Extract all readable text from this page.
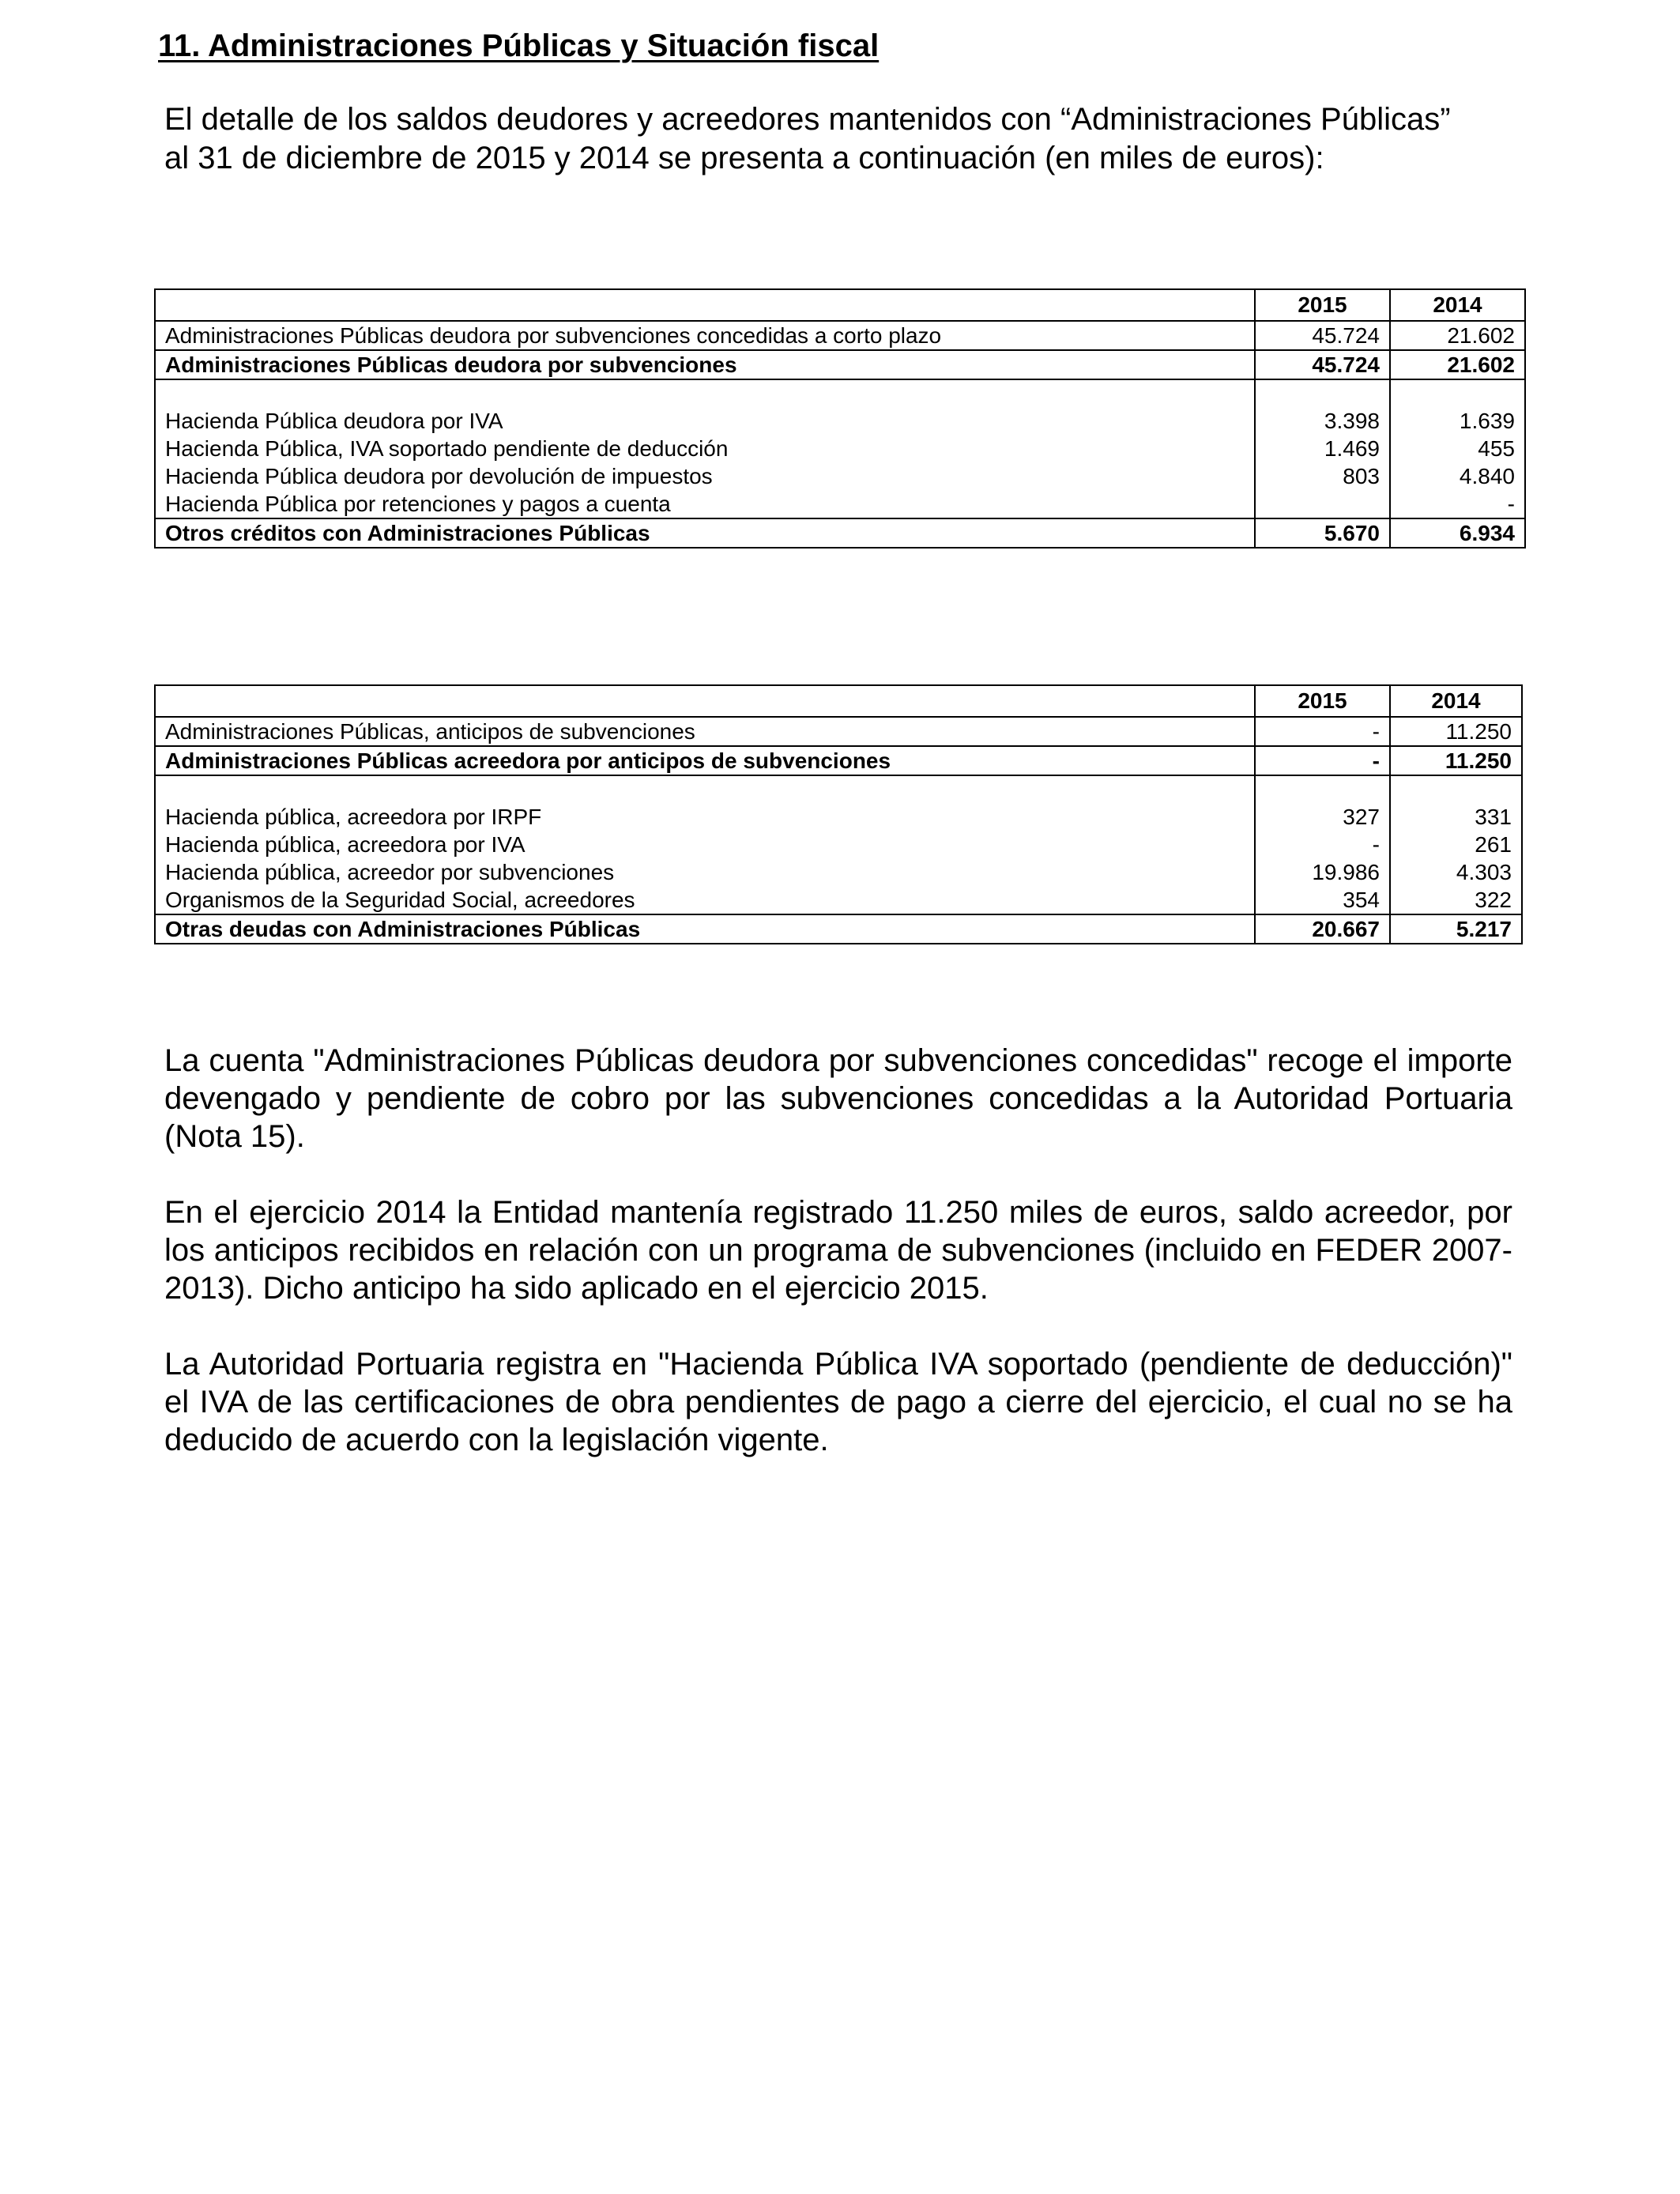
11. Administraciones Públicas y Situación fiscal
El detalle de los saldos deudores y acreedores mantenidos con “Administraciones Públicas”
al 31 de diciembre de 2015 y 2014 se presenta a continuación (en miles de euros):
	2015	2014
Administraciones Públicas deudora por subvenciones concedidas a corto plazo	45.724	21.602
Administraciones Públicas deudora por subvenciones	45.724	21.602

Hacienda Pública deudora por IVA	3.398	1.639
Hacienda Pública, IVA soportado pendiente de deducción	1.469	455
Hacienda Pública deudora por devolución de impuestos	803	4.840
Hacienda Pública por retenciones y pagos a cuenta		-
Otros créditos con Administraciones Públicas	5.670	6.934
	2015	2014
Administraciones Públicas, anticipos de subvenciones	-	11.250
Administraciones Públicas acreedora por anticipos de subvenciones	-	11.250

Hacienda pública, acreedora por IRPF	327	331
Hacienda pública, acreedora por IVA	-	261
Hacienda pública, acreedor por subvenciones	19.986	4.303
Organismos de la Seguridad Social, acreedores	354	322
Otras deudas con Administraciones Públicas	20.667	5.217

La cuenta "Administraciones Públicas deudora por subvenciones concedidas" recoge el importe devengado y pendiente de cobro por las subvenciones concedidas a la Autoridad Portuaria (Nota 15).

En el ejercicio 2014 la Entidad mantenía registrado 11.250 miles de euros, saldo acreedor, por los anticipos recibidos en relación con un programa de subvenciones (incluido en FEDER 2007-2013). Dicho anticipo ha sido aplicado en el ejercicio 2015.

La Autoridad Portuaria registra en "Hacienda Pública IVA soportado (pendiente de deducción)" el IVA de las certificaciones de obra pendientes de pago a cierre del ejercicio, el cual no se ha deducido de acuerdo con la legislación vigente.
